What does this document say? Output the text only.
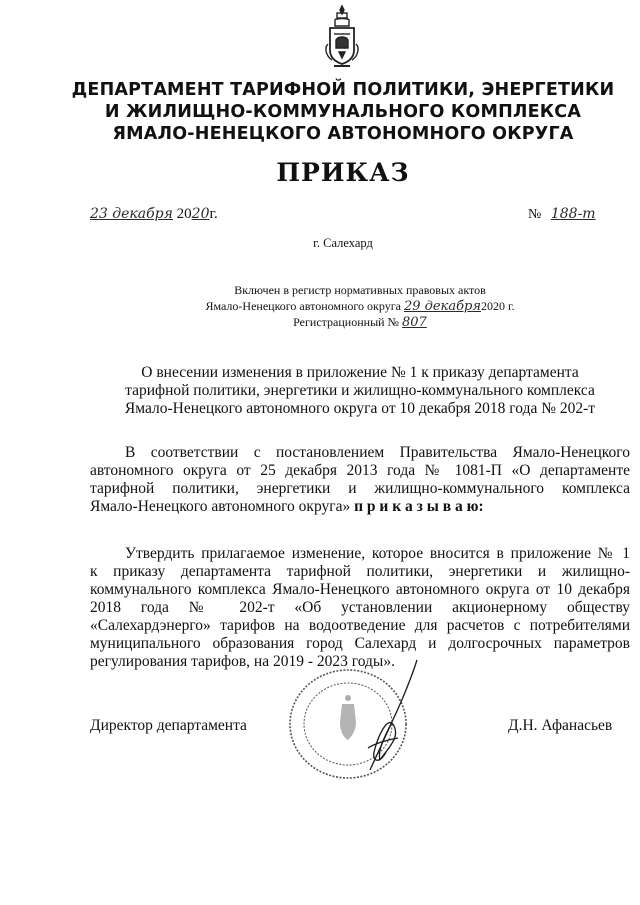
ДЕПАРТАМЕНТ ТАРИФНОЙ ПОЛИТИКИ, ЭНЕРГЕТИКИ
И ЖИЛИЩНО-КОММУНАЛЬНОГО КОМПЛЕКСА
ЯМАЛО-НЕНЕЦКОГО АВТОНОМНОГО ОКРУГА
ПРИКАЗ
23 декабря 2020г.	№ 188-т
г. Салехард
Включен в регистр нормативных правовых актов
Ямало-Ненецкого автономного округа 29 декабря2020 г.
Регистрационный № 807
О внесении изменения в приложение № 1 к приказу департамента
тарифной политики, энергетики и жилищно-коммунального комплекса
Ямало-Ненецкого автономного округа от 10 декабря 2018 года № 202-т
В соответствии с постановлением Правительства Ямало-Ненецкого
автономного округа от 25 декабря 2013 года № 1081-П «О департаменте
тарифной политики, энергетики и жилищно-коммунального комплекса
Ямало-Ненецкого автономного округа» п р и к а з ы в а ю:
Утвердить прилагаемое изменение, которое вносится в приложение № 1
к приказу департамента тарифной политики, энергетики и жилищно-
коммунального комплекса Ямало-Ненецкого автономного округа от 10 декабря
2018 года № 202-т «Об установлении акционерному обществу
«Салехардэнерго» тарифов на водоотведение для расчетов с потребителями
муниципального образования город Салехард и долгосрочных параметров
регулирования тарифов, на 2019 - 2023 годы».
Директор департамента	Д.Н. Афанасьев
